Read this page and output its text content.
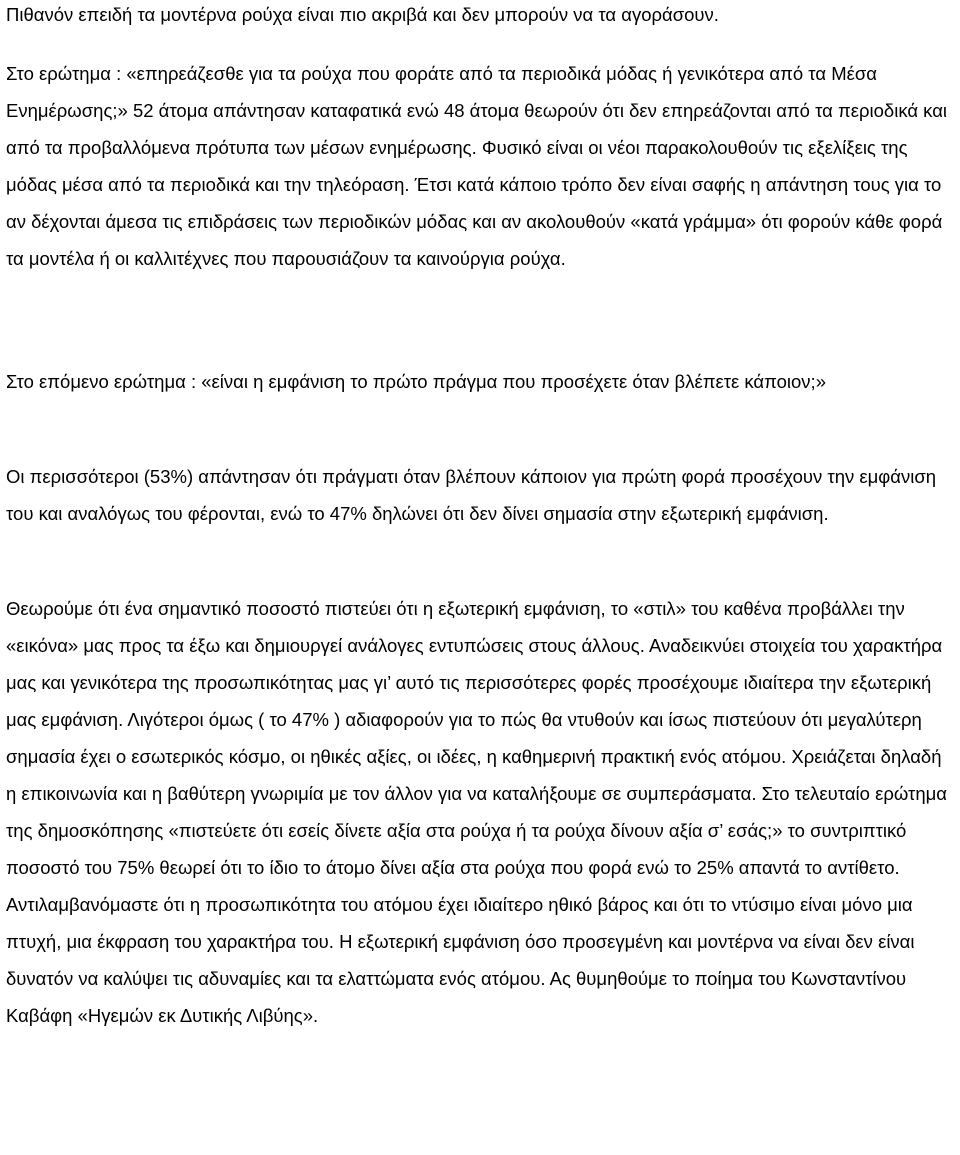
Πιθανόν επειδή τα μοντέρνα ρούχα είναι πιο ακριβά και δεν μπορούν να τα αγοράσουν.

Στο ερώτημα : «επηρεάζεσθε για τα ρούχα που φοράτε από τα περιοδικά μόδας ή γενικότερα από τα Μέσα Ενημέρωσης;» 52 άτομα απάντησαν καταφατικά ενώ 48 άτομα θεωρούν ότι δεν επηρεάζονται από τα περιοδικά και από τα προβαλλόμενα πρότυπα των μέσων ενημέρωσης. Φυσικό είναι οι νέοι παρακολουθούν τις εξελίξεις της μόδας μέσα από τα περιοδικά και την τηλεόραση. Έτσι κατά κάποιο τρόπο δεν είναι σαφής η απάντηση τους για το αν δέχονται άμεσα τις επιδράσεις των περιοδικών μόδας και αν ακολουθούν «κατά γράμμα» ότι φορούν κάθε φορά τα μοντέλα ή οι καλλιτέχνες που παρουσιάζουν τα καινούργια ρούχα.

Στο επόμενο ερώτημα : «είναι η εμφάνιση το πρώτο πράγμα που προσέχετε όταν βλέπετε κάποιον;»

Οι περισσότεροι (53%) απάντησαν ότι πράγματι όταν βλέπουν κάποιον για πρώτη φορά προσέχουν την εμφάνιση του και αναλόγως του φέρονται, ενώ το 47% δηλώνει ότι δεν δίνει σημασία στην εξωτερική εμφάνιση.

Θεωρούμε ότι ένα σημαντικό ποσοστό πιστεύει ότι η εξωτερική εμφάνιση, το «στιλ» του καθένα προβάλλει την «εικόνα» μας προς τα έξω και δημιουργεί ανάλογες εντυπώσεις στους άλλους. Αναδεικνύει στοιχεία του χαρακτήρα μας και γενικότερα της προσωπικότητας μας γι’ αυτό τις περισσότερες φορές προσέχουμε ιδιαίτερα την εξωτερική μας εμφάνιση. Λιγότεροι όμως ( το 47% ) αδιαφορούν για το πώς θα ντυθούν και ίσως πιστεύουν ότι μεγαλύτερη σημασία έχει ο εσωτερικός κόσμο, οι ηθικές αξίες, οι ιδέες, η καθημερινή πρακτική ενός ατόμου. Χρειάζεται δηλαδή η επικοινωνία και η βαθύτερη γνωριμία με τον άλλον για να καταλήξουμε σε συμπεράσματα. Στο τελευταίο ερώτημα της δημοσκόπησης «πιστεύετε ότι εσείς δίνετε αξία στα ρούχα ή τα ρούχα δίνουν αξία σ’ εσάς;» το συντριπτικό ποσοστό του 75% θεωρεί ότι το ίδιο το άτομο δίνει αξία στα ρούχα που φορά ενώ το 25% απαντά το αντίθετο. Αντιλαμβανόμαστε ότι η προσωπικότητα του ατόμου έχει ιδιαίτερο ηθικό βάρος και ότι το ντύσιμο είναι μόνο μια πτυχή, μια έκφραση του χαρακτήρα του. Η εξωτερική εμφάνιση όσο προσεγμένη και μοντέρνα να είναι δεν είναι δυνατόν να καλύψει τις αδυναμίες και τα ελαττώματα ενός ατόμου. Ας θυμηθούμε το ποίημα του Κωνσταντίνου Καβάφη «Ηγεμών εκ Δυτικής Λιβύης».
